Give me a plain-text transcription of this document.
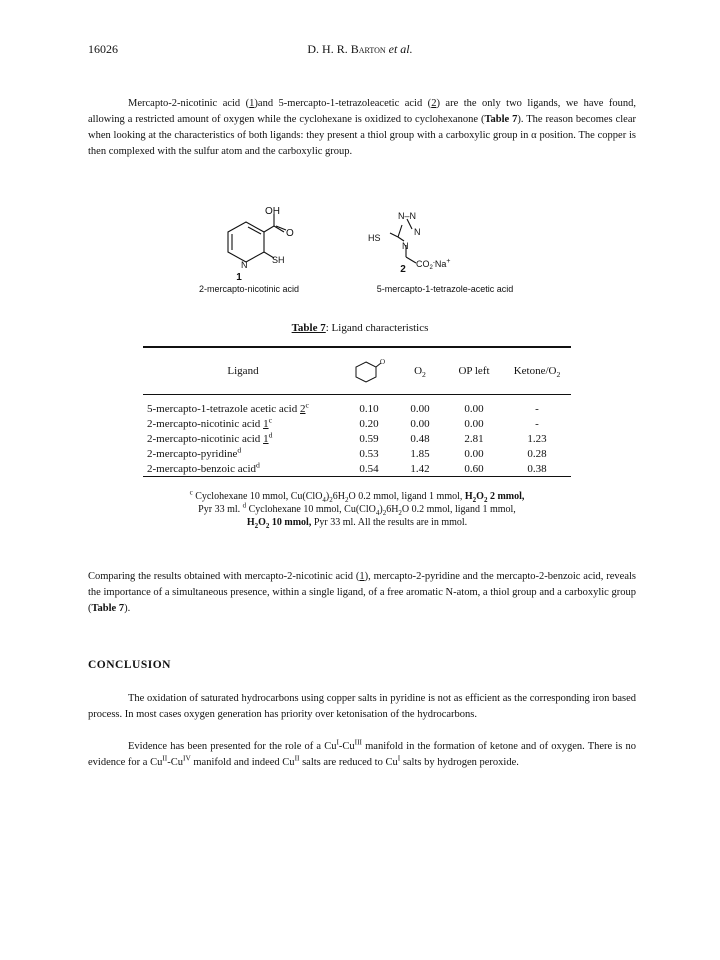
16026	D. H. R. Barton et al.
Mercapto-2-nicotinic acid (1)and 5-mercapto-1-tetrazoleacetic acid (2) are the only two ligands, we have found, allowing a restricted amount of oxygen while the cyclohexane is oxidized to cyclohexanone (Table 7). The reason becomes clear when looking at the characteristics of both ligands: they present a thiol group with a carboxylic group in α position. The copper is then complexed with the sulfur atom and the carboxylic group.
OH
O
N	SH
1
2-mercapto-nicotinic acid
N–N
N
N
HS
$CO_2^-Na^+$
2
5-mercapto-1-tetrazole-acetic acid
Table 7: Ligand characteristics
Ligand	O	$O_2$	OP left	Ketone/$O_2$
5-mercapto-1-tetrazole acetic acid 2$^c$	0.10	0.00	0.00	-
2-mercapto-nicotinic acid 1$^c$	0.20	0.00	0.00	-
2-mercapto-nicotinic acid 1$^d$	0.59	0.48	2.81	1.23
2-mercapto-pyridine$^d$	0.53	1.85	0.00	0.28
2-mercapto-benzoic acid$^d$	0.54	1.42	0.60	0.38
$^c$ Cyclohexane 10 mmol, $Cu(ClO_4)_26H_2O$ 0.2 mmol, ligand 1 mmol, $H_2O_2$ 2 mmol,
Pyr 33 ml. $^d$ Cyclohexane 10 mmol, $Cu(ClO_4)_26H_2O$ 0.2 mmol, ligand 1 mmol,
$H_2O_2$ 10 mmol, Pyr 33 ml. All the results are in mmol.
Comparing the results obtained with mercapto-2-nicotinic acid (1), mercapto-2-pyridine and the mercapto-2-benzoic acid, reveals the importance of a simultaneous presence, within a single ligand, of a free aromatic N-atom, a thiol group and a carboxylic group (Table 7).
CONCLUSION
The oxidation of saturated hydrocarbons using copper salts in pyridine is not as efficient as the corresponding iron based process. In most cases oxygen generation has priority over ketonisation of the hydrocarbons.
Evidence has been presented for the role of a $Cu^I-Cu^{III}$ manifold in the formation of ketone and of oxygen. There is no evidence for a $Cu^{II}-Cu^{IV}$ manifold and indeed $Cu^{II}$ salts are reduced to $Cu^I$ salts by hydrogen peroxide.
